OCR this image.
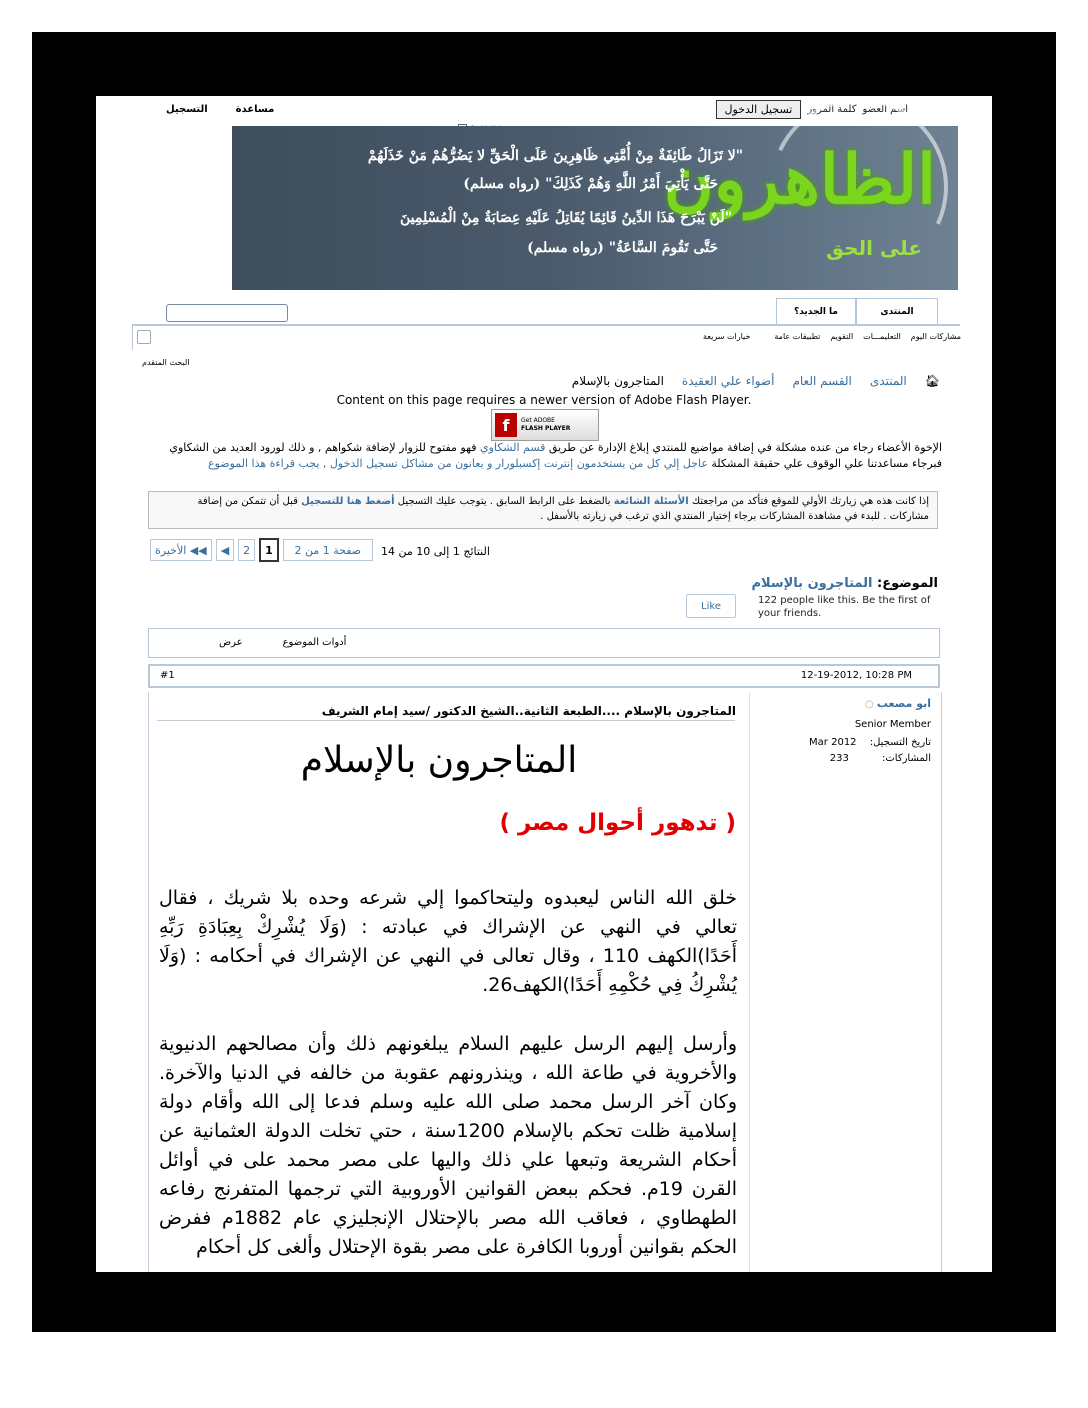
اسم العضو
كلمة المرور
تسجيل الدخول
التسجيل	مساعدة
الظاهرون
على الحق
"لا تَزَالُ طَائِفَةٌ مِنْ أُمَّتِي ظَاهِرِينَ عَلَى الْحَقِّ لا يَضُرُّهُمْ مَنْ خَذَلَهُمْ
حَتَّى يَأْتِيَ أَمْرُ اللَّهِ وَهُمْ كَذَلِكَ" (رواه مسلم)
"لَنْ يَبْرَحَ هَذَا الدِّينُ قَائِمًا يُقَاتِلُ عَلَيْهِ عِصَابَةٌ مِنْ الْمُسْلِمِينَ
حَتَّى تَقُومَ السَّاعَةُ" (رواه مسلم)
المنتدى
ما الجديد؟
مشاركات اليوم
التعليمـــات
التقويم
تطبيقات عامة
خيارات سريعة
البحث المتقدم
🏠︎
المنتدى
القسم العام
أضواء علي العقيدة
المتاجرون بالإسلام
Content on this page requires a newer version of Adobe Flash Player.
f	Get ADOBE
FLASH PLAYER
الإخوة الأعضاء رجاء من عنده مشكلة في إضافة مواضيع للمنتدي إبلاغ الإدارة عن طريق قسم الشكاوي فهو مفتوح للزوار لإضافة شكواهم , و ذلك لورود العديد من الشكاوي فبرجاء مساعدتنا علي الوقوف علي حقيقة المشكلة عاجل إلي كل من يستخدمون إنترنت إكسبلورار و يعانون من مشاكل تسجيل الدخول , يجب قراءة هذا الموضوع
إذا كانت هذه هي زيارتك الأولي للموقع فتأكد من مراجعتك الأسئلة الشائعة بالضغط على الرابط السابق . يتوجب عليك التسجيل أضغط هنا للتسجيل قبل أن تتمكن من إضافة مشاركات . للبدء في مشاهدة المشاركات برجاء إختيار المنتدي الذي ترغب في زيارته بالأسفل .
الأخيرة ◀◀	◀	2	1	صفحة 1 من 2	النتائج 1 إلى 10 من 14
الموضوع: المتاجرون بالإسلام
Like	122 people like this. Be the first of your friends.
عرض	أدوات الموضوع
#1	12-19-2012, 10:28 PM
ابو مصعب ○
Senior Member
تاريخ التسجيل: Mar 2012
المشاركات: 233
المتاجرون بالإسلام ....الطبعة الثانية..الشيخ الدكتور /سيد إمام الشريف
المتاجرون بالإسلام
( تدهور أحوال مصر )
خلق الله الناس ليعبدوه وليتحاكموا إلي شرعه وحده بلا شريك ، فقال تعالي في النهي عن الإشراك في عبادته : (وَلَا يُشْرِكْ بِعِبَادَةِ رَبِّهِ أَحَدًا)الكهف 110 ، وقال تعالى في النهي عن الإشراك في أحكامه : (وَلَا يُشْرِكُ فِي حُكْمِهِ أَحَدًا)الكهف26.
وأرسل إليهم الرسل عليهم السلام يبلغونهم ذلك وأن مصالحهم الدنيوية والأخروية في طاعة الله ، وينذرونهم عقوبة من خالفه في الدنيا والآخرة. وكان آخر الرسل محمد صلى الله عليه وسلم فدعا إلى الله وأقام دولة إسلامية ظلت تحكم بالإسلام 1200سنة ، حتي تخلت الدولة العثمانية عن أحكام الشريعة وتبعها علي ذلك واليها على مصر محمد على في أوائل القرن 19م. فحكم ببعض القوانين الأوروبية التي ترجمها المتفرنج رفاعه الطهطاوي ، فعاقب الله مصر بالإحتلال الإنجليزي عام 1882م ففرض الحكم بقوانين أوروبا الكافرة على مصر بقوة الإحتلال وألغى كل أحكام
